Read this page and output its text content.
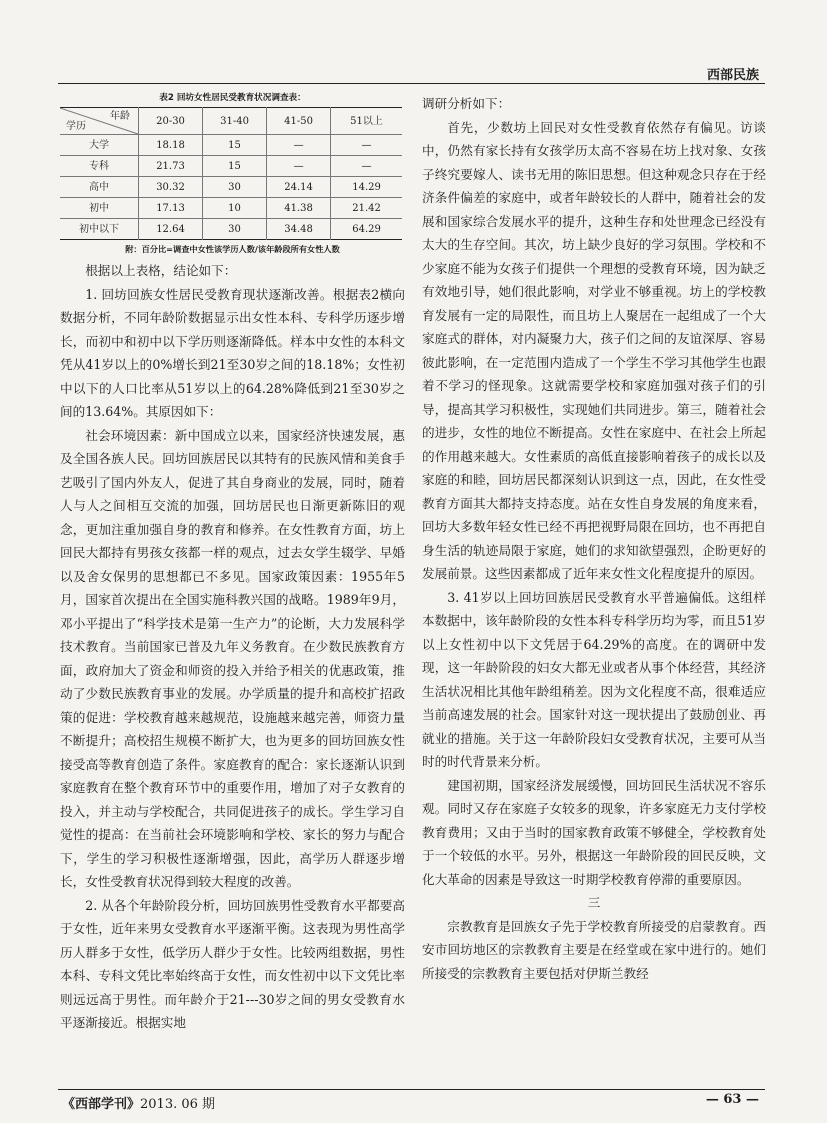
西部民族
表2 回坊女性居民受教育状况调查表：
年龄
学历	20-30	31-40	41-50	51以上
大学	18.18	15	—	—
专科	21.73	15	—	—
高中	30.32	30	24.14	14.29
初中	17.13	10	41.38	21.42
初中以下	12.64	30	34.48	64.29
附：百分比=调查中女性该学历人数/该年龄段所有女性人数

根据以上表格，结论如下：

1. 回坊回族女性居民受教育现状逐渐改善。根据表2横向数据分析，不同年龄阶数据显示出女性本科、专科学历逐步增长，而初中和初中以下学历则逐渐降低。样本中女性的本科文凭从41岁以上的0%增长到21至30岁之间的18.18%；女性初中以下的人口比率从51岁以上的64.28%降低到21至30岁之间的13.64%。其原因如下：

社会环境因素：新中国成立以来，国家经济快速发展，惠及全国各族人民。回坊回族居民以其特有的民族风情和美食手艺吸引了国内外友人，促进了其自身商业的发展，同时，随着人与人之间相互交流的加强，回坊居民也日渐更新陈旧的观念，更加注重加强自身的教育和修养。在女性教育方面，坊上回民大都持有男孩女孩都一样的观点，过去女学生辍学、早婚以及舍女保男的思想都已不多见。国家政策因素：1955年5月，国家首次提出在全国实施科教兴国的战略。1989年9月，邓小平提出了“科学技术是第一生产力”的论断，大力发展科学技术教育。当前国家已普及九年义务教育。在少数民族教育方面，政府加大了资金和师资的投入并给予相关的优惠政策，推动了少数民族教育事业的发展。办学质量的提升和高校扩招政策的促进：学校教育越来越规范，设施越来越完善，师资力量不断提升；高校招生规模不断扩大，也为更多的回坊回族女性接受高等教育创造了条件。家庭教育的配合：家长逐渐认识到家庭教育在整个教育环节中的重要作用，增加了对子女教育的投入，并主动与学校配合，共同促进孩子的成长。学生学习自觉性的提高：在当前社会环境影响和学校、家长的努力与配合下，学生的学习积极性逐渐增强，因此，高学历人群逐步增长，女性受教育状况得到较大程度的改善。

2. 从各个年龄阶段分析，回坊回族男性受教育水平都要高于女性，近年来男女受教育水平逐渐平衡。这表现为男性高学历人群多于女性，低学历人群少于女性。比较两组数据，男性本科、专科文凭比率始终高于女性，而女性初中以下文凭比率则远远高于男性。而年龄介于21---30岁之间的男女受教育水平逐渐接近。根据实地

调研分析如下：

首先，少数坊上回民对女性受教育依然存有偏见。访谈中，仍然有家长持有女孩学历太高不容易在坊上找对象、女孩子终究要嫁人、读书无用的陈旧思想。但这种观念只存在于经济条件偏差的家庭中，或者年龄较长的人群中，随着社会的发展和国家综合发展水平的提升，这种生存和处世理念已经没有太大的生存空间。其次，坊上缺少良好的学习氛围。学校和不少家庭不能为女孩子们提供一个理想的受教育环境，因为缺乏有效地引导，她们很此影响，对学业不够重视。坊上的学校教育发展有一定的局限性，而且坊上人聚居在一起组成了一个大家庭式的群体，对内凝聚力大，孩子们之间的友谊深厚、容易彼此影响，在一定范围内造成了一个学生不学习其他学生也跟着不学习的怪现象。这就需要学校和家庭加强对孩子们的引导，提高其学习积极性，实现她们共同进步。第三，随着社会的进步，女性的地位不断提高。女性在家庭中、在社会上所起的作用越来越大。女性素质的高低直接影响着孩子的成长以及家庭的和睦，回坊居民都深刻认识到这一点，因此，在女性受教育方面其大都持支持态度。站在女性自身发展的角度来看，回坊大多数年轻女性已经不再把视野局限在回坊，也不再把自身生活的轨迹局限于家庭，她们的求知欲望强烈，企盼更好的发展前景。这些因素都成了近年来女性文化程度提升的原因。

3. 41岁以上回坊回族居民受教育水平普遍偏低。这组样本数据中，该年龄阶段的女性本科专科学历均为零，而且51岁以上女性初中以下文凭居于64.29%的高度。在的调研中发现，这一年龄阶段的妇女大都无业或者从事个体经营，其经济生活状况相比其他年龄组稍差。因为文化程度不高，很难适应当前高速发展的社会。国家针对这一现状提出了鼓励创业、再就业的措施。关于这一年龄阶段妇女受教育状况，主要可从当时的时代背景来分析。

建国初期，国家经济发展缓慢，回坊回民生活状况不容乐观。同时又存在家庭子女较多的现象，许多家庭无力支付学校教育费用；又由于当时的国家教育政策不够健全，学校教育处于一个较低的水平。另外，根据这一年龄阶段的回民反映，文化大革命的因素是导致这一时期学校教育停滞的重要原因。

三

宗教教育是回族女子先于学校教育所接受的启蒙教育。西安市回坊地区的宗教教育主要是在经堂或在家中进行的。她们所接受的宗教教育主要包括对伊斯兰教经

《西部学刊》2013. 06 期	— 63 —
